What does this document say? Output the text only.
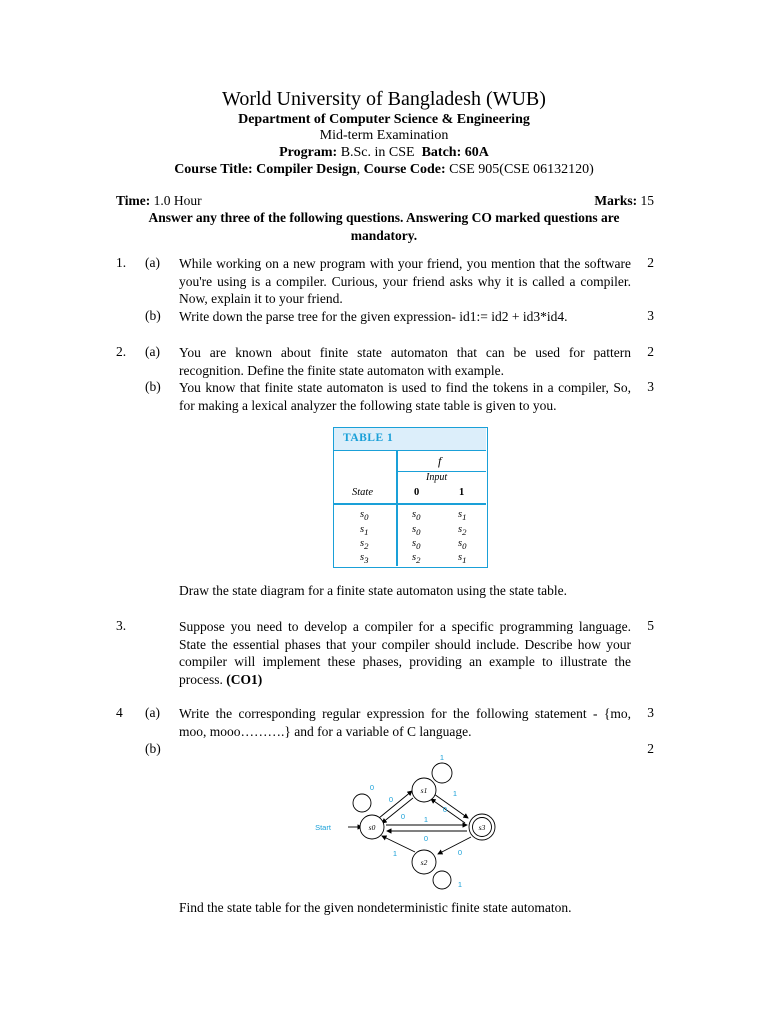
World University of Bangladesh (WUB)
Department of Computer Science & Engineering
Mid-term Examination
Program: B.Sc. in CSE Batch: 60A
Course Title: Compiler Design, Course Code: CSE 905(CSE 06132120)
Time: 1.0 Hour	Marks: 15
Answer any three of the following questions. Answering CO marked questions are mandatory.
1. (a) While working on a new program with your friend, you mention that the software you're using is a compiler. Curious, your friend asks why it is called a compiler. Now, explain it to your friend.
2
(b) Write down the parse tree for the given expression- id1:= id2 + id3*id4.	3
2. (a) You are known about finite state automaton that can be used for pattern recognition. Define the finite state automaton with example.
2
(b) You know that finite state automaton is used to find the tokens in a compiler, So, for making a lexical analyzer the following state table is given to you.
3
TABLE 1
f
Input
State	0	1
$s_0$	$s_0$	$s_1$
$s_1$	$s_0$	$s_2$
$s_2$	$s_0$	$s_0$
$s_3$	$s_2$	$s_1$
Draw the state diagram for a finite state automaton using the state table.
3.	Suppose you need to develop a compiler for a specific programming language. State the essential phases that your compiler should include. Describe how your compiler will implement these phases, providing an example to illustrate the process. (CO1)
5
4 (a) Write the corresponding regular expression for the following statement - {mo, moo, mooo……….} and for a variable of C language.
3
(b)	2
s1
s0
s2
s3
Start
1
0
1
0
0
1
0
1
0
1	0
Find the state table for the given nondeterministic finite state automaton.
